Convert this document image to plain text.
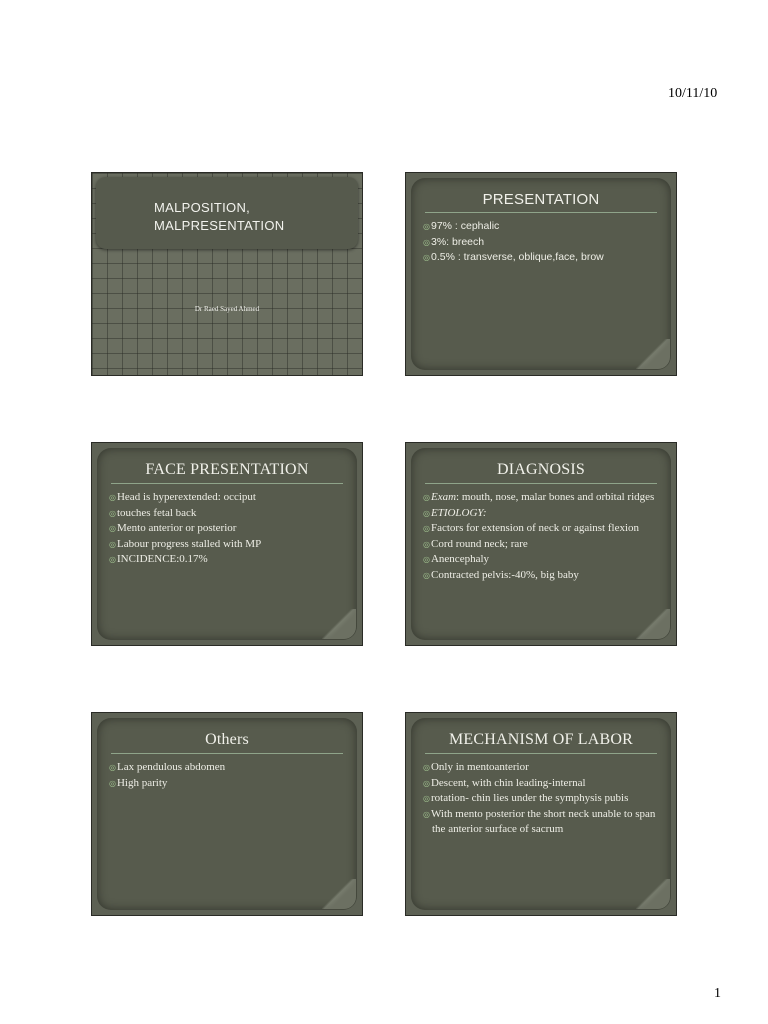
10/11/10
MALPOSITION,
MALPRESENTATION
Dr Raed Sayed Ahmed
PRESENTATION
◎97% : cephalic
◎3%: breech
◎0.5% : transverse, oblique,face, brow
FACE PRESENTATION
◎Head is hyperextended: occiput
◎touches fetal back
◎Mento anterior or posterior
◎Labour progress stalled with MP
◎INCIDENCE:0.17%
DIAGNOSIS
◎Exam: mouth, nose, malar bones and orbital ridges
◎ETIOLOGY:
◎Factors for extension of neck or against flexion
◎Cord round neck; rare
◎Anencephaly
◎Contracted pelvis:-40%, big baby
Others
◎Lax pendulous abdomen
◎High parity
MECHANISM OF LABOR
◎Only in mentoanterior
◎Descent, with chin leading-internal
◎rotation- chin lies under the symphysis pubis
◎With mento posterior the short neck unable to span the anterior surface of sacrum
1
